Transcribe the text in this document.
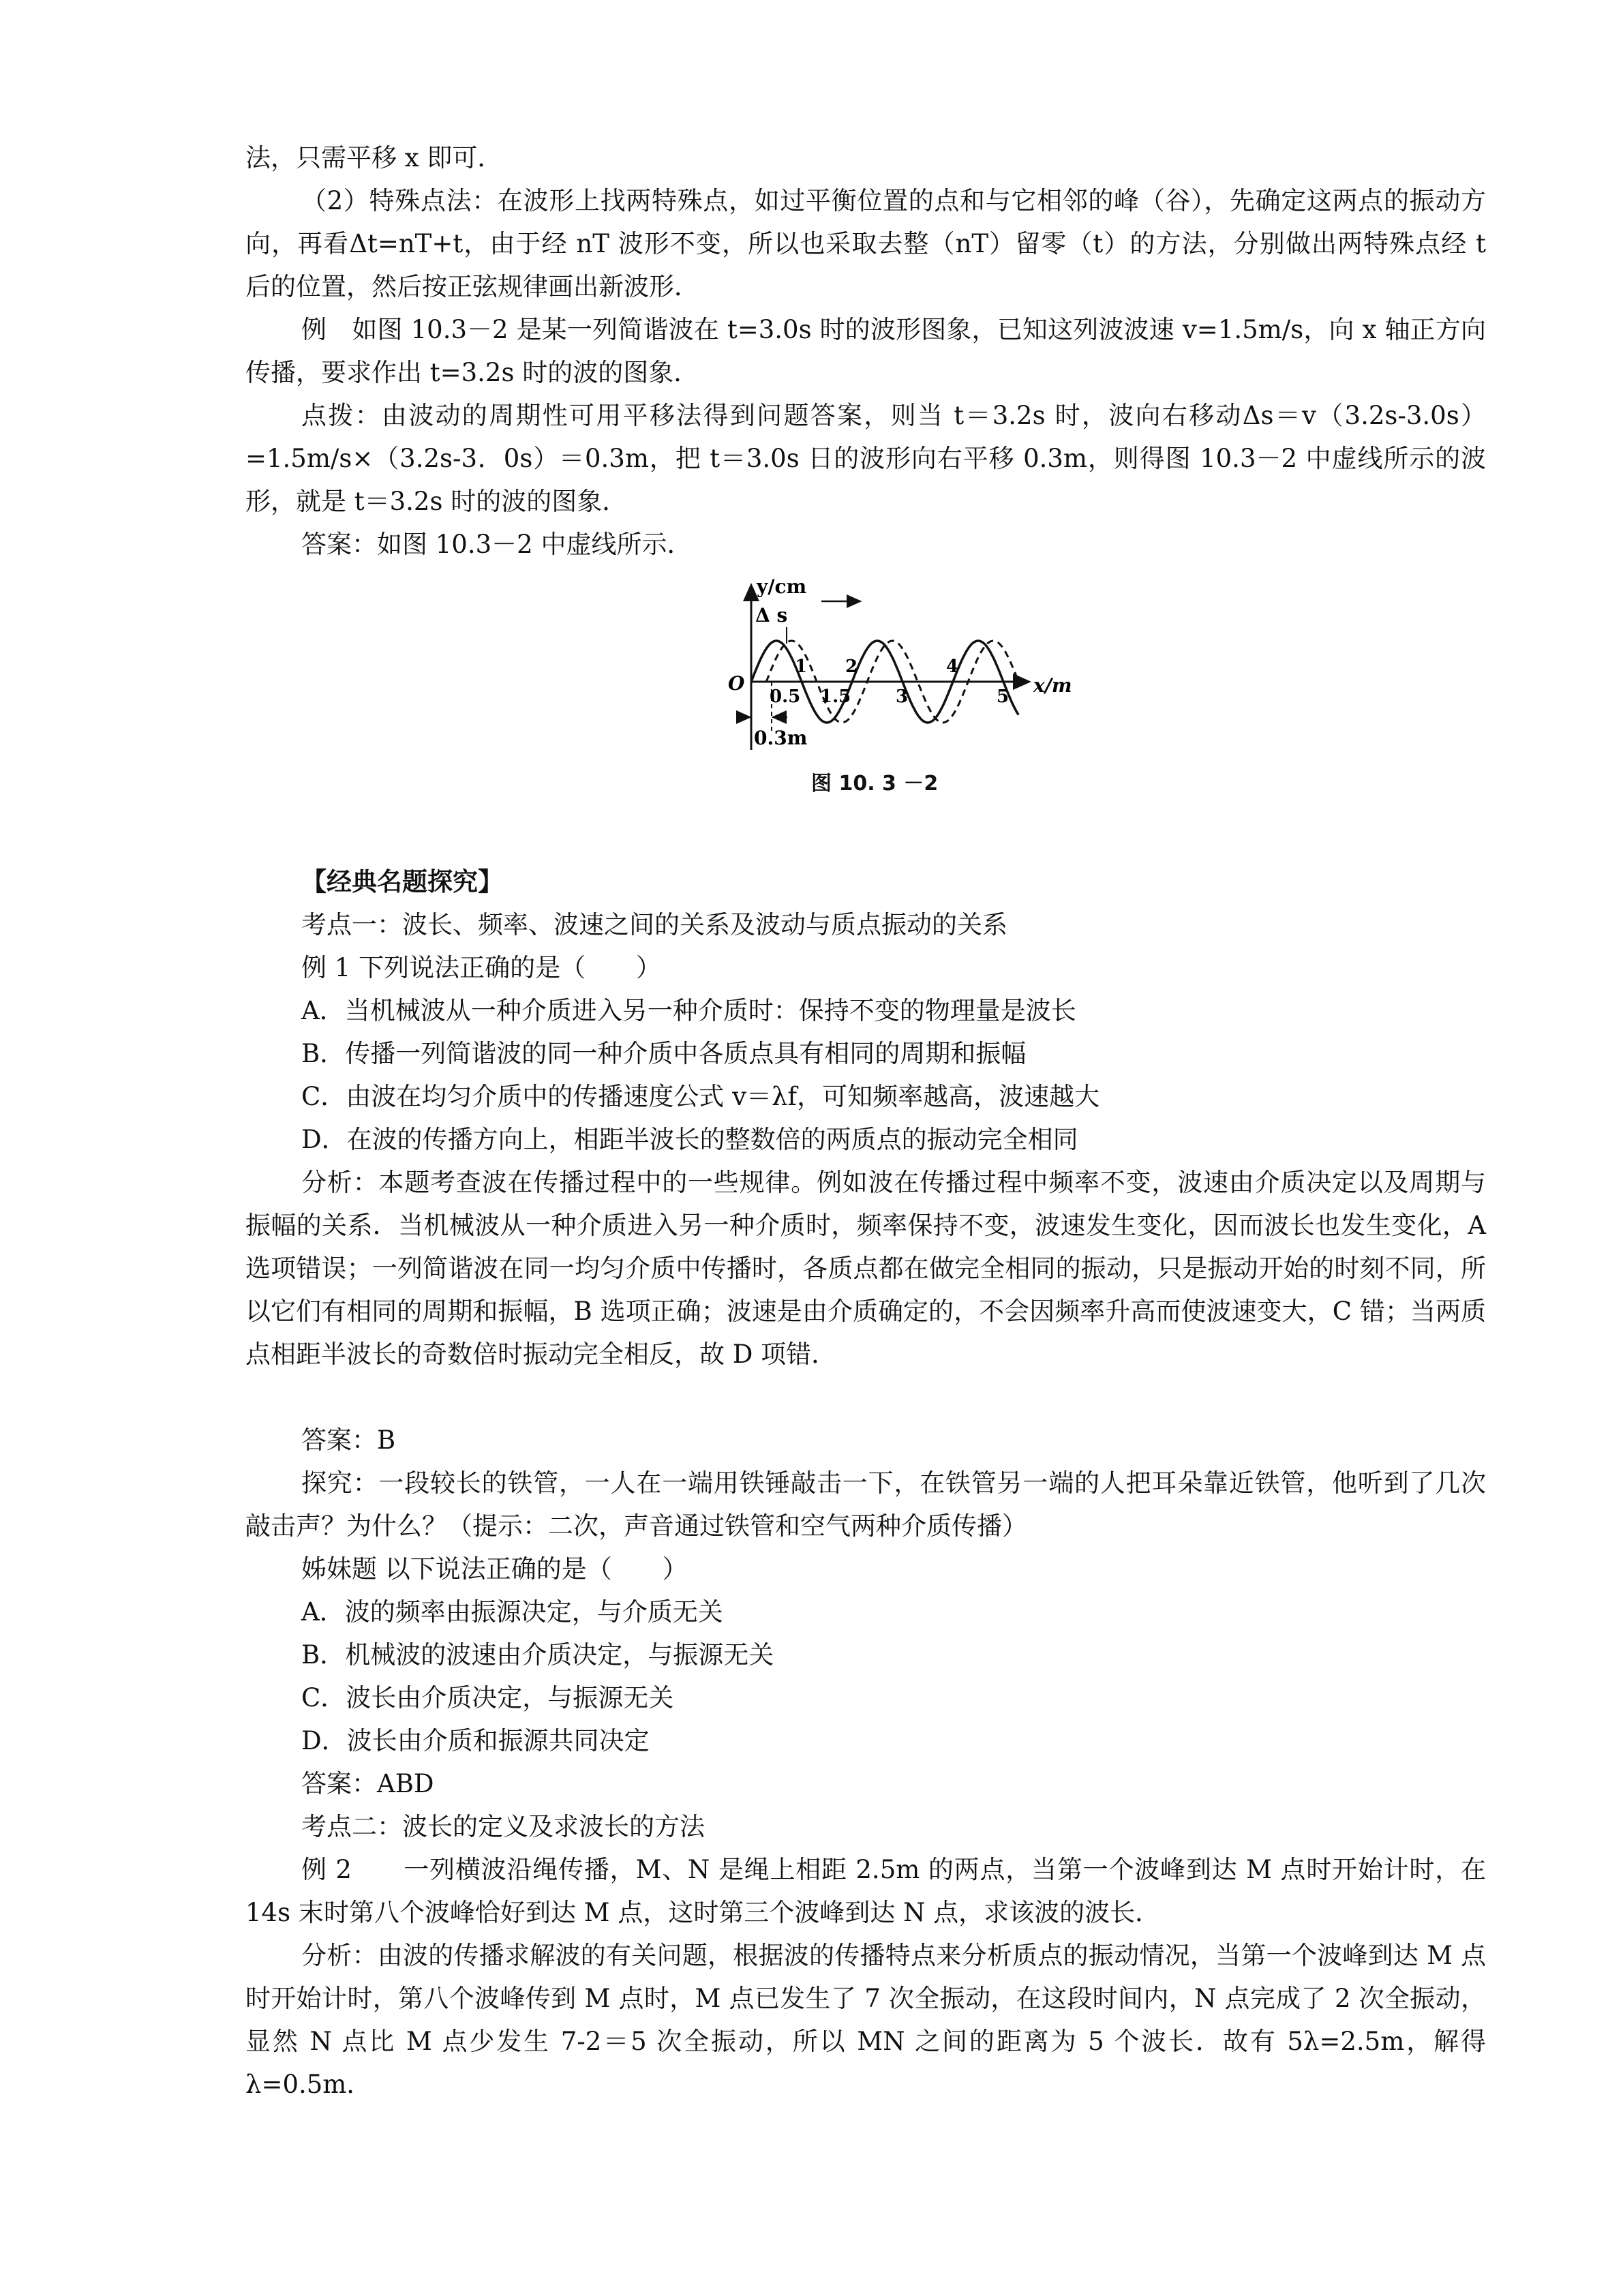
法，只需平移 x 即可．

（2）特殊点法：在波形上找两特殊点，如过平衡位置的点和与它相邻的峰（谷），先确定这两点的振动方向，再看Δt=nT+t，由于经 nT 波形不变，所以也采取去整（nT）留零（t）的方法，分别做出两特殊点经 t 后的位置，然后按正弦规律画出新波形．

例　如图 10.3－2 是某一列简谐波在 t=3.0s 时的波形图象，已知这列波波速 v=1.5m/s，向 x 轴正方向传播，要求作出 t=3.2s 时的波的图象．

点拨：由波动的周期性可用平移法得到问题答案，则当 t＝3.2s 时，波向右移动Δs＝v（3.2s-3.0s）=1.5m/s×（3.2s-3．0s）＝0.3m，把 t＝3.0s 日的波形向右平移 0.3m，则得图 10.3－2 中虚线所示的波形，就是 t＝3.2s 时的波的图象．

答案：如图 10.3－2 中虚线所示．

y/cm
x/m
O
Δ s
0.3m
0.5
1
1.5
2
3
4
5
图 10. 3 －2

【经典名题探究】

考点一：波长、频率、波速之间的关系及波动与质点振动的关系

例 1 下列说法正确的是（　　）

A．当机械波从一种介质进入另一种介质时：保持不变的物理量是波长

B．传播一列简谐波的同一种介质中各质点具有相同的周期和振幅

C．由波在均匀介质中的传播速度公式 v＝λf，可知频率越高，波速越大

D．在波的传播方向上，相距半波长的整数倍的两质点的振动完全相同

分析：本题考查波在传播过程中的一些规律。例如波在传播过程中频率不变，波速由介质决定以及周期与振幅的关系．当机械波从一种介质进入另一种介质时，频率保持不变，波速发生变化，因而波长也发生变化，A 选项错误；一列简谐波在同一均匀介质中传播时，各质点都在做完全相同的振动，只是振动开始的时刻不同，所以它们有相同的周期和振幅，B 选项正确；波速是由介质确定的，不会因频率升高而使波速变大，C 错；当两质点相距半波长的奇数倍时振动完全相反，故 D 项错．

答案：B

探究：一段较长的铁管，一人在一端用铁锤敲击一下，在铁管另一端的人把耳朵靠近铁管，他听到了几次敲击声？为什么？（提示：二次，声音通过铁管和空气两种介质传播）

姊妹题 以下说法正确的是（　　）

A．波的频率由振源决定，与介质无关

B．机械波的波速由介质决定，与振源无关

C．波长由介质决定，与振源无关

D．波长由介质和振源共同决定

答案：ABD

考点二：波长的定义及求波长的方法

例 2　　一列横波沿绳传播，M、N 是绳上相距 2.5m 的两点，当第一个波峰到达 M 点时开始计时，在 14s 末时第八个波峰恰好到达 M 点，这时第三个波峰到达 N 点，求该波的波长．

分析：由波的传播求解波的有关问题，根据波的传播特点来分析质点的振动情况，当第一个波峰到达 M 点时开始计时，第八个波峰传到 M 点时，M 点已发生了 7 次全振动，在这段时间内，N 点完成了 2 次全振动，显然 N 点比 M 点少发生 7-2＝5 次全振动，所以 MN 之间的距离为 5 个波长．故有 5λ=2.5m，解得λ=0.5m．
